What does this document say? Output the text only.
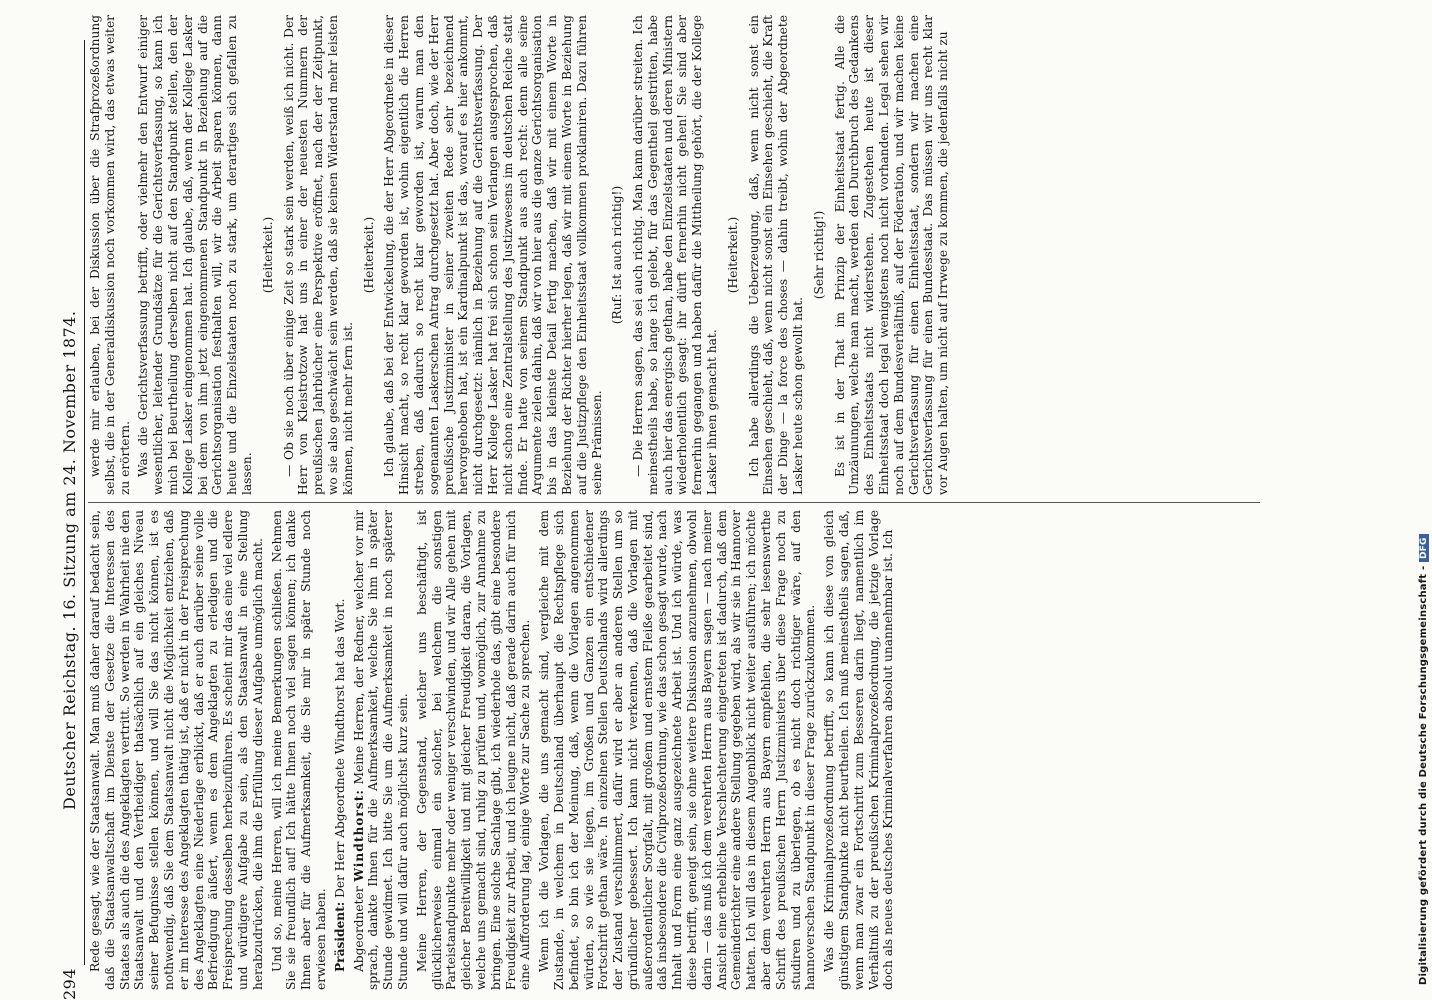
294
Deutscher Reichstag. 16. Sitzung am 24. November 1874. Rede gesagt, wie der Staatsanwalt. Man muß daher darauf bedacht sein, daß die Staatsanwaltschaft im Dienste der Gesetze die Interessen des Staates als auch die des Angeklagten vertritt. So werden in Wahrheit nie den Staatsanwalt und den Vertheidiger thatsächlich auf ein gleiches Niveau seiner Befugnisse stellen können, und will Sie das nicht können, ist es nothwendig, daß Sie dem Staatsanwalt nicht die Möglichkeit entziehen, daß er im Interesse des Angeklagten thätig ist, daß er nicht in der Freisprechung des Angeklagten eine Niederlage erblickt, daß er auch darüber seine volle Befriedigung äußert, wenn es dem Angeklagten zu erledigen und die Freisprechung desselben herbeizuführen. Es scheint mir das eine viel edlere und würdigere Aufgabe zu sein, als den Staatsanwalt in eine Stellung herabzudrücken, die ihm die Erfüllung dieser Aufgabe unmöglich macht. Und so, meine Herren, will ich meine Bemerkungen schließen. Nehmen Sie sie freundlich auf! Ich hätte Ihnen noch viel sagen können; ich danke Ihnen aber für die Aufmerksamkeit, die Sie mir in später Stunde noch erwiesen haben. Präsident: Der Herr Abgeordnete Windthorst hat das Wort.

Abgeordneter Windthorst: Meine Herren, der Redner, welcher vor mir sprach, dankte Ihnen für die Aufmerksamkeit, welche Sie ihm in später Stunde gewidmet. Ich bitte Sie um die Aufmerksamkeit in noch späterer Stunde und will dafür auch möglichst kurz sein. Meine Herren, der Gegenstand, welcher uns beschäftigt, ist glücklicherweise einmal ein solcher, bei welchem die sonstigen Parteistandpunkte mehr oder weniger verschwinden, und wir Alle gehen mit gleicher Bereitwilligkeit und mit gleicher Freudigkeit daran, die Vorlagen, welche uns gemacht sind, ruhig zu prüfen und, womöglich, zur Annahme zu bringen. Eine solche Sachlage gibt, ich wiederhole das, gibt eine besondere Freudigkeit zur Arbeit, und ich leugne nicht, daß gerade darin auch für mich eine Aufforderung lag, einige Worte zur Sache zu sprechen. Wenn ich die Vorlagen, die uns gemacht sind, vergleiche mit dem Zustande, in welchem in Deutschland überhaupt die Rechtspflege sich befindet, so bin ich der Meinung, daß, wenn die Vorlagen angenommen würden, so wie sie liegen, im Großen und Ganzen ein entschiedener Fortschritt gethan wäre. In einzelnen Stellen Deutschlands wird allerdings der Zustand verschlimmert, dafür wird er aber an anderen Stellen um so gründlicher gebessert. Ich kann nicht verkennen, daß die Vorlagen mit außerordentlicher Sorgfalt, mit großem und ernstem Fleiße gearbeitet sind, daß insbesondere die Civilprozeßordnung, wie das schon gesagt wurde, nach Inhalt und Form eine ganz ausgezeichnete Arbeit ist. Und ich würde, was diese betrifft, geneigt sein, sie ohne weitere Diskussion anzunehmen, obwohl darin — das muß ich dem verehrten Herrn aus Bayern sagen — nach meiner Ansicht eine erhebliche Verschlechterung eingetreten ist dadurch, daß dem Gemeinderichter eine andere Stellung gegeben wird, als wir sie in Hannover hatten. Ich will das in diesem Augenblick nicht weiter ausführen; ich möchte aber dem verehrten Herrn aus Bayern empfehlen, die sehr lesenswerthe Schrift des preußischen Herrn Justizministers über diese Frage noch zu studiren und zu überlegen, ob es nicht doch richtiger wäre, auf den hannoverschen Standpunkt in dieser Frage zurückzukommen. Was die Kriminalprozeßordnung betrifft, so kann ich diese von gleich günstigem Standpunkte nicht beurtheilen. Ich muß meinestheils sagen, daß, wenn man zwar ein Fortschritt zum Besseren darin liegt, namentlich im Verhältniß zu der preußischen Kriminalprozeßordnung, die jetzige Vorlage doch als neues deutsches Kriminalverfahren absolut unannehmbar ist. Ich

werde mir erlauben, bei der Diskussion über die Strafprozeßordnung selbst, die in der Generaldiskussion noch vorkommen wird, das etwas weiter zu erörtern. Was die Gerichtsverfassung betrifft, oder vielmehr den Entwurf einiger wesentlicher, leitender Grundsätze für die Gerichtsverfassung, so kann ich mich bei Beurtheilung derselben nicht auf den Standpunkt stellen, den der Kollege Lasker eingenommen hat. Ich glaube, daß, wenn der Kollege Lasker bei dem von ihm jetzt eingenommenen Standpunkt in Beziehung auf die Gerichtsorganisation festhalten will, wir die Arbeit sparen können, dann heute und die Einzelstaaten noch zu stark, um derartiges sich gefallen zu lassen.

(Heiterkeit.) — Ob sie noch über einige Zeit so stark sein werden, weiß ich nicht. Der Herr von Kleistrotzow hat uns in einer der neuesten Nummern der preußischen Jahrbücher eine Perspektive eröffnet, nach der der Zeitpunkt, wo sie also geschwächt sein werden, daß sie keinen Widerstand mehr leisten können, nicht mehr fern ist.

(Heiterkeit.) Ich glaube, daß bei der Entwickelung, die der Herr Abgeordnete in dieser Hinsicht macht, so recht klar geworden ist, wohin eigentlich die Herren streben, daß dadurch so recht klar geworden ist, warum man den sogenannten Laskerschen Antrag durchgesetzt hat. Aber doch, wie der Herr preußische Justizminister in seiner zweiten Rede sehr bezeichnend hervorgehoben hat, ist ein Kardinalpunkt ist das, worauf es hier ankommt, nicht durchgesetzt: nämlich in Beziehung auf die Gerichtsverfassung. Der Herr Kollege Lasker hat frei sich schon sein Verlangen ausgesprochen, daß nicht schon eine Zentralstellung des Justizwesens im deutschen Reiche statt finde. Er hatte von seinem Standpunkt aus auch recht: denn alle seine Argumente zielen dahin, daß wir von hier aus die ganze Gerichtsorganisation bis in das kleinste Detail fertig machen, daß wir mit einem Worte in Beziehung der Richter hierher legen, daß wir mit einem Worte in Beziehung auf die Justizpflege den Einheitsstaat vollkommen proklamiren. Dazu führen seine Prämissen.

(Ruf: Ist auch richtig!) — Die Herren sagen, das sei auch richtig. Man kann darüber streiten. Ich meinestheils habe, so lange ich gelebt, für das Gegentheil gestritten, habe auch hier das energisch gethan, habe den Einzelstaaten und deren Ministern wiederholentlich gesagt: ihr dürft fernerhin nicht gehen! Sie sind aber fernerhin gegangen und haben dafür die Mittheilung gehört, die der Kollege Lasker ihnen gemacht hat.

(Heiterkeit.) Ich habe allerdings die Ueberzeugung, daß, wenn nicht sonst ein Einsehen geschieht, daß, wenn nicht sonst ein Einsehen geschieht, die Kraft der Dinge — la force des choses — dahin treibt, wohin der Abgeordnete Lasker heute schon gewollt hat.

(Sehr richtig!) Es ist in der That im Prinzip der Einheitsstaat fertig. Alle die Umzäunungen, welche man macht, werden den Durchbruch des Gedankens des Einheitsstaats nicht widerstehen. Zugestehen heute ist dieser Einheitsstaat doch legal wenigstens noch nicht vorhanden. Legal sehen wir noch auf dem Bundesverhältniß, auf der Föderation, und wir machen keine Gerichtsverfassung für einen Einheitsstaat, sondern wir machen eine Gerichtsverfassung für einen Bundesstaat. Das müssen wir uns recht klar vor Augen halten, um nicht auf Irrwege zu kommen, die jedenfalls nicht zu

Digitalisierung gefördert durch die Deutsche Forschungsgemeinschaft - DFG
